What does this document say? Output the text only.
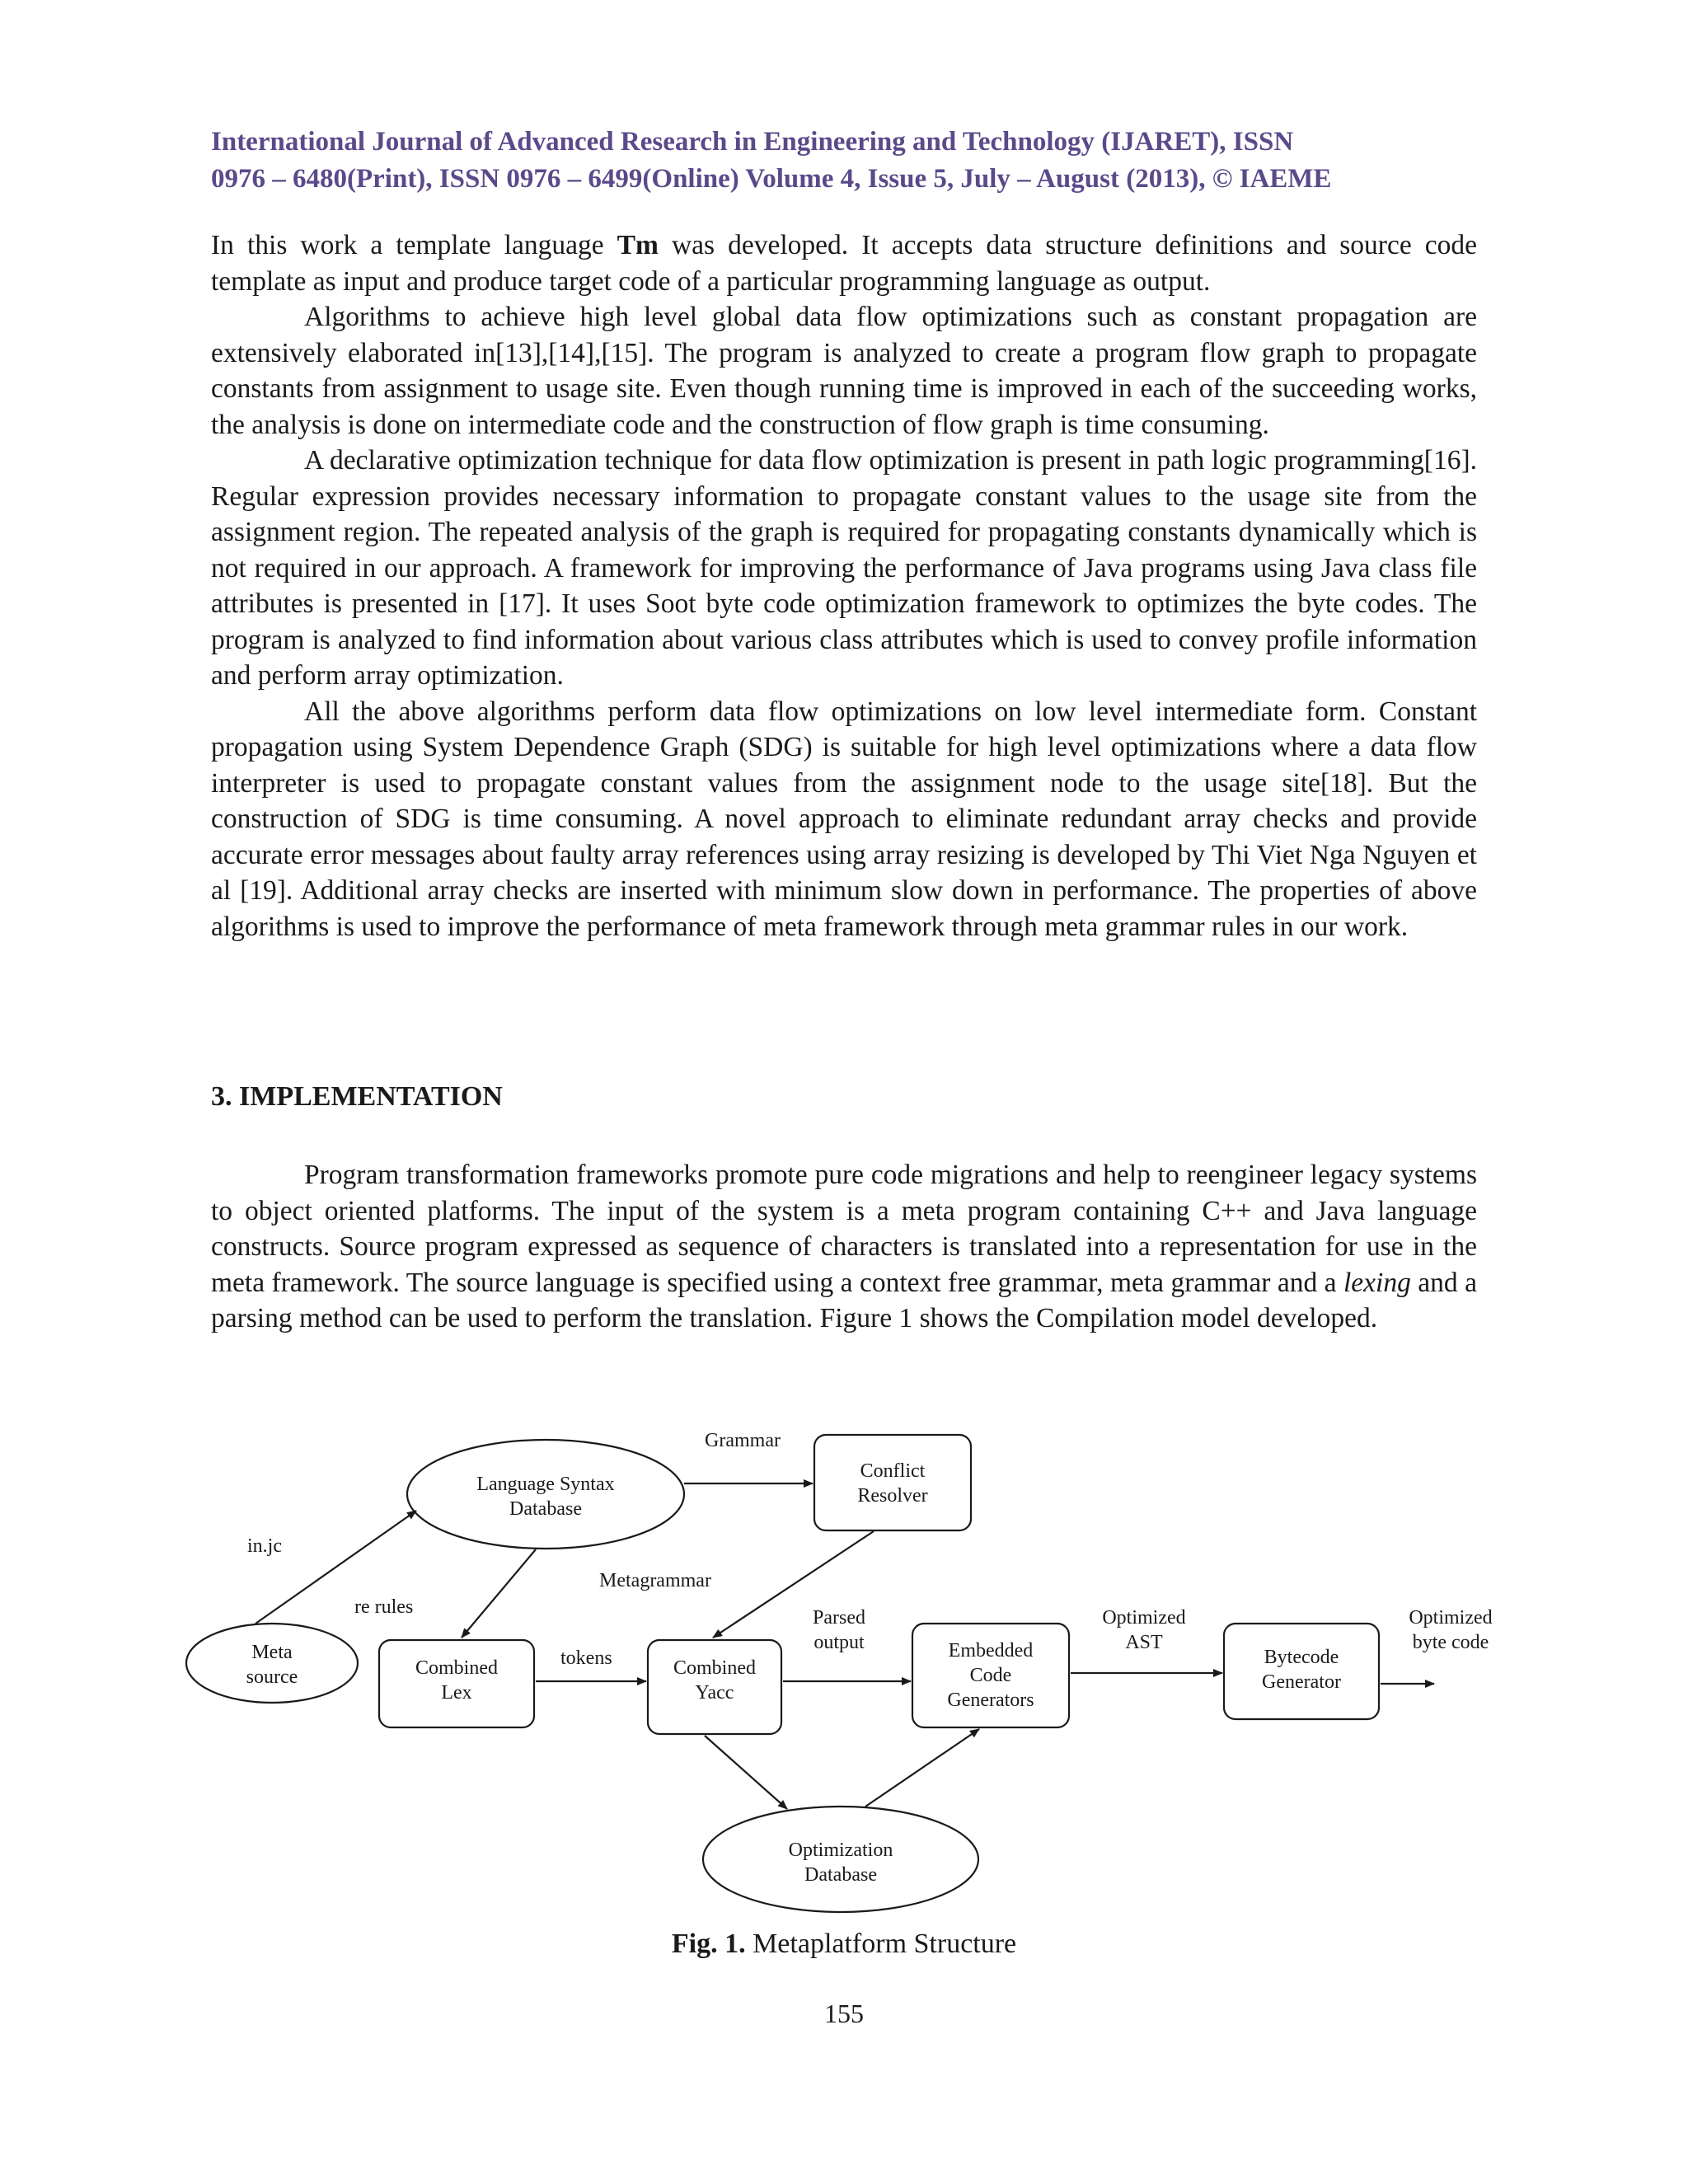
International Journal of Advanced Research in Engineering and Technology (IJARET), ISSN
0976 – 6480(Print), ISSN 0976 – 6499(Online) Volume 4, Issue 5, July – August (2013), © IAEME

In this work a template language Tm was developed. It accepts data structure definitions and source code template as input and produce target code of a particular programming language as output.

Algorithms to achieve high level global data flow optimizations such as constant propagation are extensively elaborated in[13],[14],[15]. The program is analyzed to create a program flow graph to propagate constants from assignment to usage site. Even though running time is improved in each of the succeeding works, the analysis is done on intermediate code and the construction of flow graph is time consuming.

A declarative optimization technique for data flow optimization is present in path logic programming[16]. Regular expression provides necessary information to propagate constant values to the usage site from the assignment region. The repeated analysis of the graph is required for propagating constants dynamically which is not required in our approach. A framework for improving the performance of Java programs using Java class file attributes is presented in [17]. It uses Soot byte code optimization framework to optimizes the byte codes. The program is analyzed to find information about various class attributes which is used to convey profile information and perform array optimization.

All the above algorithms perform data flow optimizations on low level intermediate form. Constant propagation using System Dependence Graph (SDG) is suitable for high level optimizations where a data flow interpreter is used to propagate constant values from the assignment node to the usage site[18]. But the construction of SDG is time consuming. A novel approach to eliminate redundant array checks and provide accurate error messages about faulty array references using array resizing is developed by Thi Viet Nga Nguyen et al [19]. Additional array checks are inserted with minimum slow down in performance. The properties of above algorithms is used to improve the performance of meta framework through meta grammar rules in our work.

3. IMPLEMENTATION

Program transformation frameworks promote pure code migrations and help to reengineer legacy systems to object oriented platforms. The input of the system is a meta program containing C++ and Java language constructs. Source program expressed as sequence of characters is translated into a representation for use in the meta framework. The source language is specified using a context free grammar, meta grammar and a lexing and a parsing method can be used to perform the translation. Figure 1 shows the Compilation model developed.

Language Syntax
Database
Conflict
Resolver
Meta
source	Combined
Lex
Combined
Yacc
Embedded
Code
Generators
Bytecode
Generator
Optimization
Database
Grammar
in.jc
Metagrammar
re rules
tokens
Parsed
output
Optimized
AST
Optimized
byte code
Fig. 1. Metaplatform Structure
155
